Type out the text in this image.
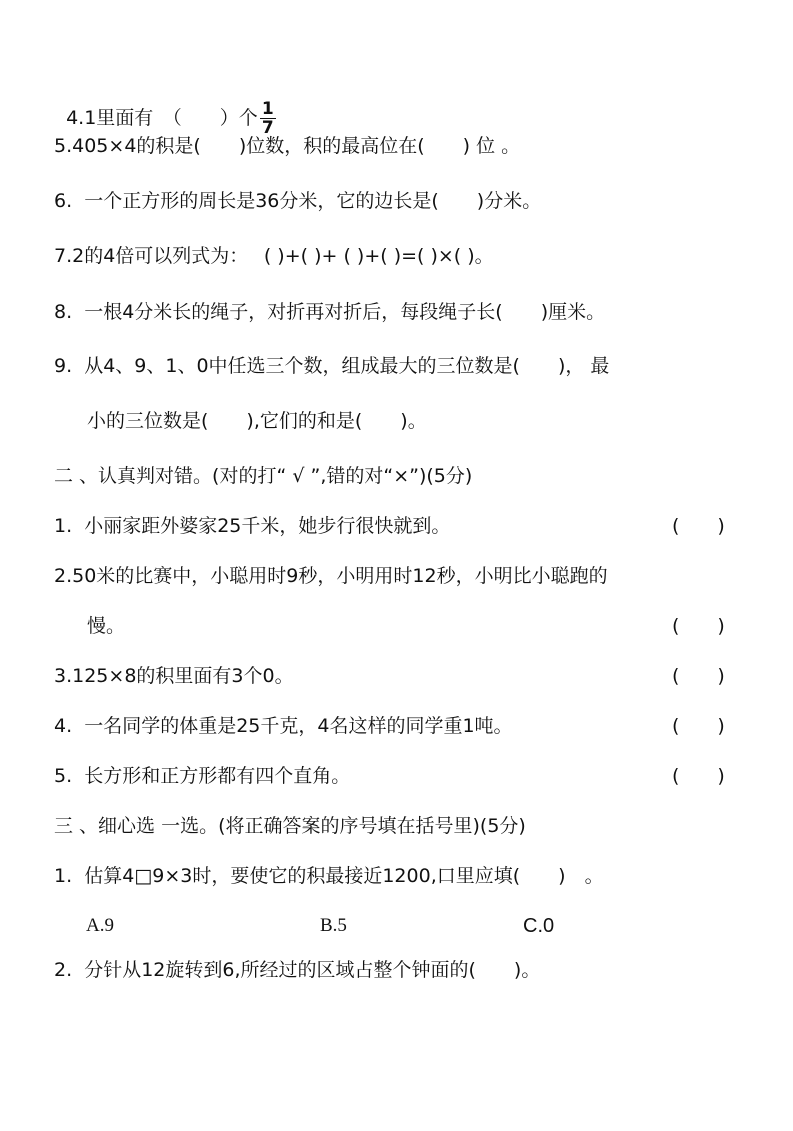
4.1里面有　（　　）个 $\frac{1}{7}$

5.405×4的积是(　　)位数，积的最高位在(　　) 位 。
6.  一个正方形的周长是36分米，它的边长是(　　)分米。
7.2的4倍可以列式为：　 ( )+( )+ ( )+( )=( )×( )。
8.  一根4分米长的绳子，对折再对折后，每段绳子长(　　)厘米。
9.  从4、9、1、0中任选三个数，组成最大的三位数是(　　)， 最
小的三位数是(　　),它们的和是(　　)。
二 、认真判对错。(对的打“ √ ”,错的对“×”)(5分)
1.  小丽家距外婆家25千米，她步行很快就到。	(　　)
2.50米的比赛中，小聪用时9秒，小明用时12秒，小明比小聪跑的
慢。	(　　)
3.125×8的积里面有3个0。	(　　)
4.  一名同学的体重是25千克，4名这样的同学重1吨。	(　　)
5.  长方形和正方形都有四个直角。	(　　)
三 、细心选 一选。(将正确答案的序号填在括号里)(5分)
1.  估算4□9×3时，要使它的积最接近1200,口里应填(　　)　。
A.9	B.5	C.0
2.  分针从12旋转到6,所经过的区域占整个钟面的(　　)。
